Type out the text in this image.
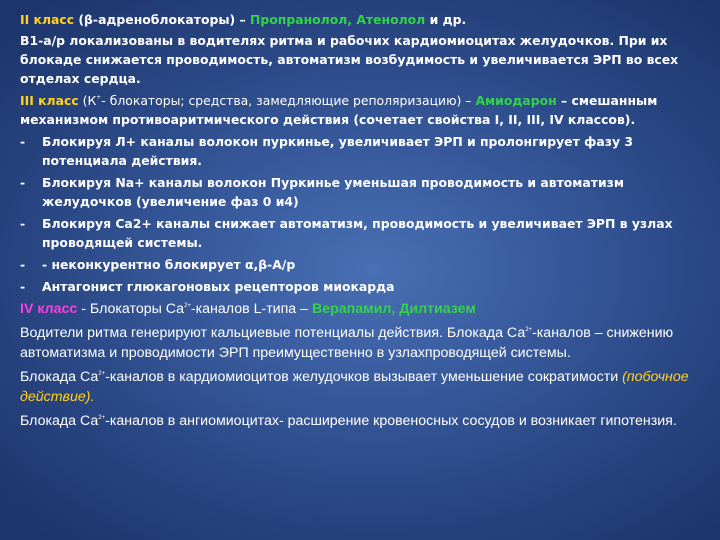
II класс (β-адреноблокаторы) – Пропранолол, Атенолол и др.
В1-а/р локализованы в водителях ритма и рабочих кардиомиоцитах желудочков. При их блокаде снижается проводимость, автоматизм возбудимость и увеличивается ЭРП во всех отделах сердца.
III класс (К+- блокаторы; средства, замедляющие реполяризацию) – Амиодарон – смешанным механизмом противоаритмического действия (сочетает свойства I, II, III, IV классов).
-	Блокируя Л+ каналы волокон пуркинье, увеличивает ЭРП и пролонгирует фазу 3 потенциала действия.
-	Блокируя Na+ каналы волокон Пуркинье уменьшая проводимость и автоматизм желудочков (увеличение фаз 0 и4)
-	Блокируя Са2+ каналы снижает автоматизм, проводимость и увеличивает ЭРП в узлах проводящей системы.
-	- неконкурентно блокирует α,β-А/р
-	Антагонист глюкагоновых рецепторов миокарда
IV класс - Блокаторы $Са^{2+}$-каналов L-типа – Верапамил, Дилтиазем
Водители ритма генерируют кальциевые потенциалы действия. Блокада $Са^{2+}$-каналов – снижению автоматизма и проводимости ЭРП преимущественно в узлахпроводящей системы.
Блокада $Са^{2+}$-каналов в кардиомиоцитов желудочков вызывает уменьшение сократимости (побочное действие).
Блокада $Са^{2+}$-каналов в ангиомиоцитах- расширение кровеносных сосудов и возникает гипотензия.
